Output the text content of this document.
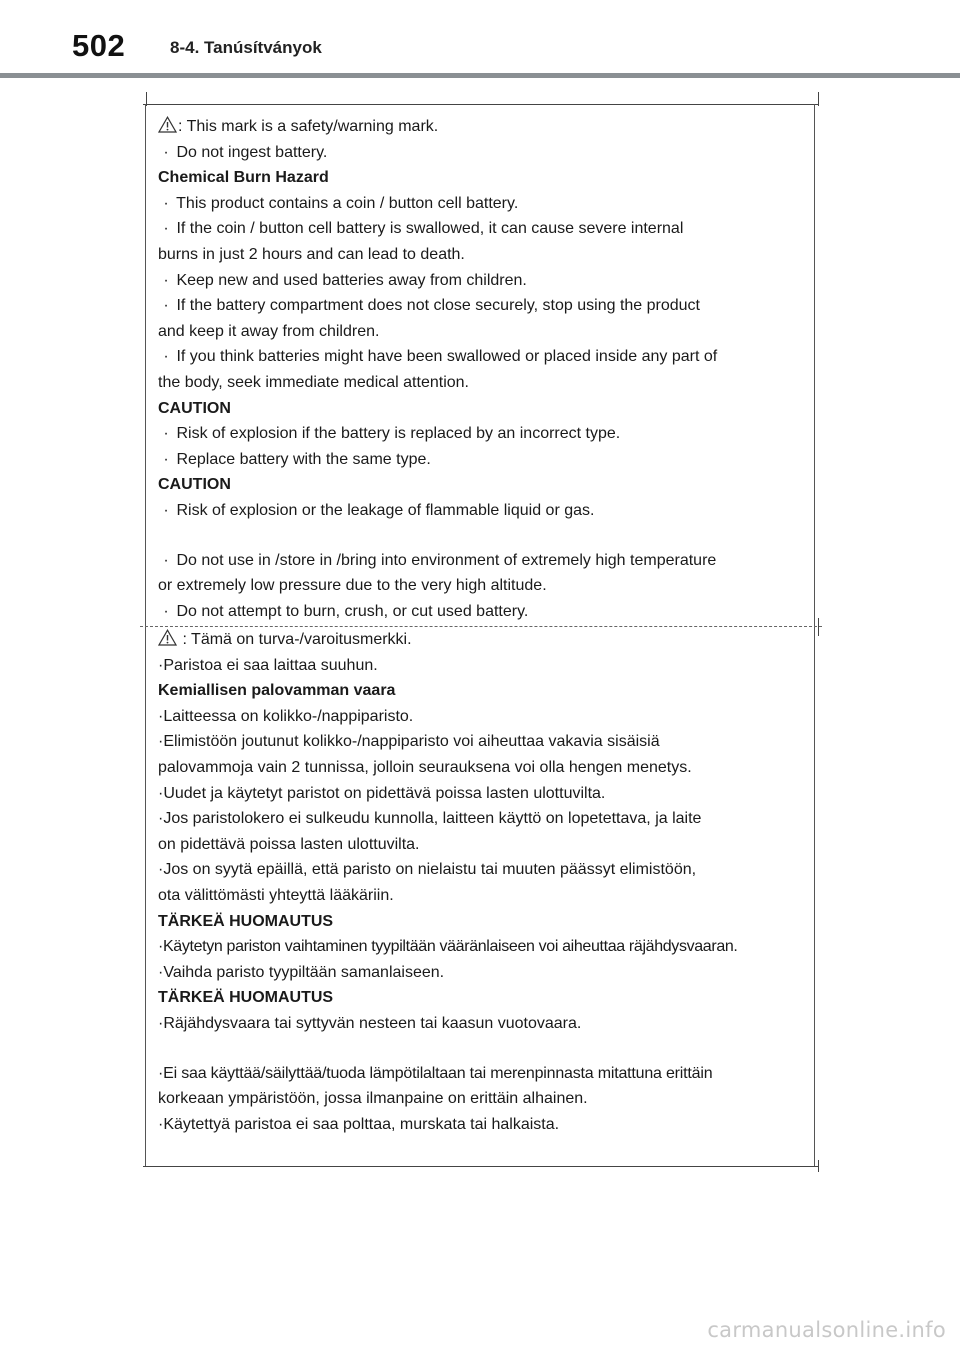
502	8-4. Tanúsítványok
: This mark is a safety/warning mark.
· Do not ingest battery.
Chemical Burn Hazard
· This product contains a coin / button cell battery.
· If the coin / button cell battery is swallowed, it can cause severe internal
burns in just 2 hours and can lead to death.
· Keep new and used batteries away from children.
· If the battery compartment does not close securely, stop using the product
and keep it away from children.
· If you think batteries might have been swallowed or placed inside any part of
the body, seek immediate medical attention.
CAUTION
· Risk of explosion if the battery is replaced by an incorrect type.
· Replace battery with the same type.
CAUTION
· Risk of explosion or the leakage of flammable liquid or gas.
· Do not use in /store in /bring into environment of extremely high temperature
or extremely low pressure due to the very high altitude.
· Do not attempt to burn, crush, or cut used battery.
: Tämä on turva-/varoitusmerkki.
·Paristoa ei saa laittaa suuhun.
Kemiallisen palovamman vaara
·Laitteessa on kolikko-/nappiparisto.
·Elimistöön joutunut kolikko-/nappiparisto voi aiheuttaa vakavia sisäisiä
palovammoja vain 2 tunnissa, jolloin seurauksena voi olla hengen menetys.
·Uudet ja käytetyt paristot on pidettävä poissa lasten ulottuvilta.
·Jos paristolokero ei sulkeudu kunnolla, laitteen käyttö on lopetettava, ja laite
on pidettävä poissa lasten ulottuvilta.
·Jos on syytä epäillä, että paristo on nielaistu tai muuten päässyt elimistöön,
ota välittömästi yhteyttä lääkäriin.
TÄRKEÄ HUOMAUTUS
·Käytetyn pariston vaihtaminen tyypiltään vääränlaiseen voi aiheuttaa räjähdysvaaran.
·Vaihda paristo tyypiltään samanlaiseen.
TÄRKEÄ HUOMAUTUS
·Räjähdysvaara tai syttyvän nesteen tai kaasun vuotovaara.
·Ei saa käyttää/säilyttää/tuoda lämpötilaltaan tai merenpinnasta mitattuna erittäin
korkeaan ympäristöön, jossa ilmanpaine on erittäin alhainen.
·Käytettyä paristoa ei saa polttaa, murskata tai halkaista.
carmanualsonline.info
